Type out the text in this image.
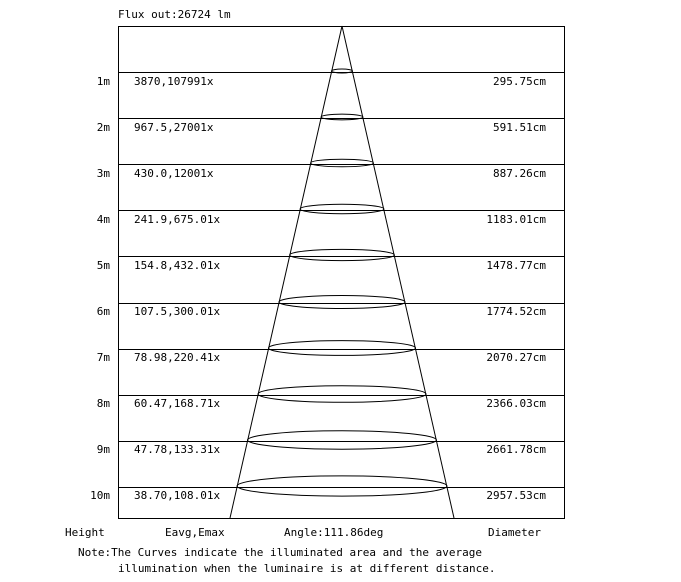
Flux out:26724 lm
1m 3870,107991x	295.75cm
2m 967.5,27001x	591.51cm
3m 430.0,12001x	887.26cm
4m 241.9,675.01x	1183.01cm
5m 154.8,432.01x	1478.77cm
6m 107.5,300.01x	1774.52cm
7m 78.98,220.41x	2070.27cm
8m 60.47,168.71x	2366.03cm
9m 47.78,133.31x	2661.78cm
10m 38.70,108.01x	2957.53cm
Height	Eavg,Emax	Angle:111.86deg	Diameter
Note:The Curves indicate the illuminated area and the average
illumination when the luminaire is at different distance.
